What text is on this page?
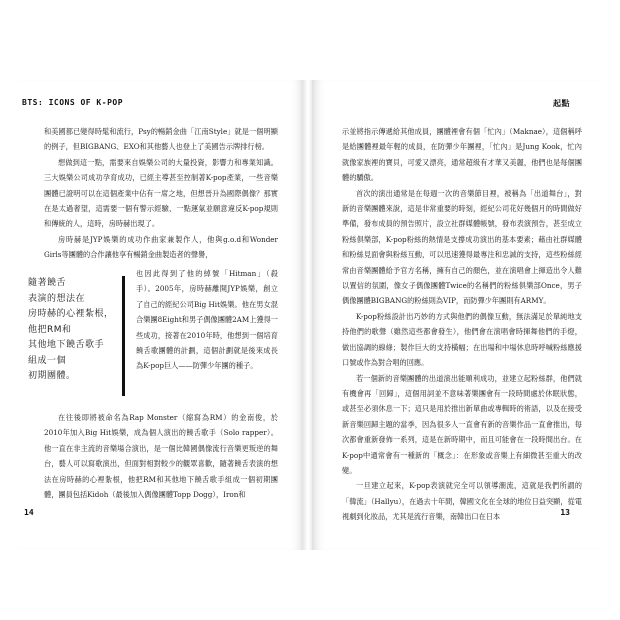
BTS: ICONS OF K-POP

和美國都已變得時髦和流行，Psy的暢銷金曲「江南Style」就是一個明顯的例子，但BIGBANG、EXO和其他藝人也登上了美國告示牌排行榜。

想做到這一點，需要來自娛樂公司的大量投資，影響力和專業知識。三大娛樂公司成功孕育成功，已經主導甚至控制著K-pop產業，一些音樂團體已證明可以在這個產業中佔有一席之地，但想晉升為國際偶像？那實在是太過奢望，這需要一個有警示經驗、一點運氣並願意違反K-pop規則和傳統的人，這時，房時赫出現了。

房時赫是JYP娛樂的成功作曲家兼製作人，他與g.o.d和Wonder Girls等團體的合作讓他享有暢銷金曲製造者的聲譽，

隨著饒舌
表演的想法在
房時赫的心裡紮根，
他把RM和
其他地下饒舌歌手
組成一個
初期團體。

也因此得到了他的綽號「Hitman」（殺手）。2005年，房時赫離開JYP娛樂，創立了自己的經紀公司Big Hit娛樂。他在男女混合樂團8Eight和男子偶像團體2AM上獲得一些成功，接著在2010年時，他想到一個培育饒舌歌團體的計劃，這個計劃就是後來成長為K-pop巨人——防彈少年團的種子。

在往後即將被命名為Rap Monster（縮寫為RM）的金南俊，於2010年加入Big Hit娛樂，成為個人演出的饒舌歌手（Solo rapper）。他一直在非主流的音樂場合演出，是一個比韓國偶像流行音樂更叛逆的舞台，藝人可以寫歌演出，但面對相對較少的觀眾喜歡，隨著饒舌表演的想法在房時赫的心裡紮根，他把RM和其他地下饒舌歌手組成一個初期團體，團員包括Kidoh（最後加入偶像團體Topp Dogg），Iron和

14
起點

示並將指示傳遞給其他成員，團體裡會有個「忙內」（Maknae），這個稱呼是給團體裡最年輕的成員，在防彈少年團裡，「忙內」是Jung Kook，忙內就像家族裡的寶貝，可愛又漂亮，通常超級有才華又美麗，他們也是每個團體的驕傲。

首次的演出通常是在每週一次的音樂節目裡，被稱為「出道舞台」，對新的音樂團體來說，這是非常重要的時刻，經紀公司花好幾個月的時間做好準備，發布成員的預告照片，設立社群媒體帳號，發布表演預告，甚至成立粉絲俱樂部，K-pop粉絲的熱情是支撐成功演出的基本要素；藉由社群媒體和粉絲見面會與粉絲互動，可以迅速獲得最專注和忠誠的支持，這些粉絲經常由音樂團體給予官方名稱，擁有自己的顏色，並在演唱會上揮造出令人難以置信的氛圍，像女子偶像團體Twice的名稱們的粉絲俱樂部Once，男子偶像團體BIGBANG的粉絲則為VIP，而防彈少年團則有ARMY。

K-pop粉絲設計出巧妙的方式與他們的偶像互動，無法滿足於單純地支持他們的歌聲（雖然這些都會發生），他們會在演唱會時揮舞他們的手燈，做出協調的線條；製作巨大的支持橫幅；在出場和中場休息時呼喊粉絲應援口號或作為對合唱的回應。

若一個新的音樂團體的出道演出能順利成功，並建立起粉絲群，他們就有機會再「回歸」，這個用詞並不意味著樂團會有一段時間處於休眠狀態，或甚至必須休息一下；這只是用於推出新單曲或專輯時的術語，以及在接受新音樂回歸主題的當季，因為很多人一直會有新的音樂作品一直會推出，每次都會重新發佈一系列，這是在新時期中，而且可能會在一段時間出台。在K-pop中通常會有一種新的「概念」：在形象或音樂上有細微甚至重大的改變。

一旦建立起來，K-pop表演就完全可以領導潮流，這就是我們所謂的「韓流」（Hallyu），在過去十年間，韓國文化在全球的地位日益突顯，從電視劇到化妝品，尤其是流行音樂，南韓出口在日本	13
